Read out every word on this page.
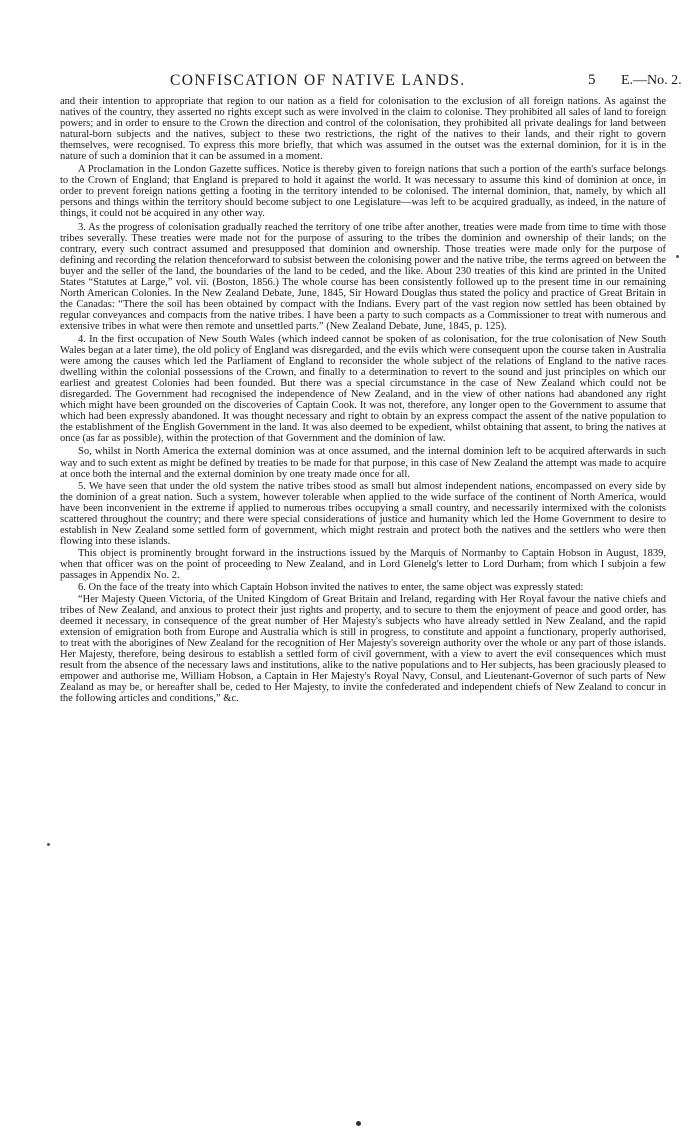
CONFISCATION OF NATIVE LANDS.	5 E.—No. 2.

and their intention to appropriate that region to our nation as a field for colonisation to the exclusion of all foreign nations. As against the natives of the country, they asserted no rights except such as were involved in the claim to colonise. They prohibited all sales of land to foreign powers; and in order to ensure to the Crown the direction and control of the colonisation, they prohibited all private dealings for land between natural-born subjects and the natives, subject to these two restrictions, the right of the natives to their lands, and their right to govern themselves, were recognised. To express this more briefly, that which was assumed in the outset was the external dominion, for it is in the nature of such a dominion that it can be assumed in a moment.

A Proclamation in the London Gazette suffices. Notice is thereby given to foreign nations that such a portion of the earth's surface belongs to the Crown of England; that England is prepared to hold it against the world. It was necessary to assume this kind of dominion at once, in order to prevent foreign nations getting a footing in the territory intended to be colonised. The internal dominion, that, namely, by which all persons and things within the territory should become subject to one Legislature—was left to be acquired gradually, as indeed, in the nature of things, it could not be acquired in any other way.

3. As the progress of colonisation gradually reached the territory of one tribe after another, treaties were made from time to time with those tribes severally. These treaties were made not for the purpose of assuring to the tribes the dominion and ownership of their lands; on the contrary, every such contract assumed and presupposed that dominion and ownership. Those treaties were made only for the purpose of defining and recording the relation thenceforward to subsist between the colonising power and the native tribe, the terms agreed on between the buyer and the seller of the land, the boundaries of the land to be ceded, and the like. About 230 treaties of this kind are printed in the United States “Statutes at Large,” vol. vii. (Boston, 1856.) The whole course has been consistently followed up to the present time in our remaining North American Colonies. In the New Zealand Debate, June, 1845, Sir Howard Douglas thus stated the policy and practice of Great Britain in the Canadas: “There the soil has been obtained by compact with the Indians. Every part of the vast region now settled has been obtained by regular conveyances and compacts from the native tribes. I have been a party to such compacts as a Commissioner to treat with numerous and extensive tribes in what were then remote and unsettled parts.” (New Zealand Debate, June, 1845, p. 125).

4. In the first occupation of New South Wales (which indeed cannot be spoken of as colonisation, for the true colonisation of New South Wales began at a later time), the old policy of England was disregarded, and the evils which were consequent upon the course taken in Australia were among the causes which led the Parliament of England to reconsider the whole subject of the relations of England to the native races dwelling within the colonial possessions of the Crown, and finally to a determination to revert to the sound and just principles on which our earliest and greatest Colonies had been founded. But there was a special circumstance in the case of New Zealand which could not be disregarded. The Government had recognised the independence of New Zealand, and in the view of other nations had abandoned any right which might have been grounded on the discoveries of Captain Cook. It was not, therefore, any longer open to the Government to assume that which had been expressly abandoned. It was thought necessary and right to obtain by an express compact the assent of the native population to the establishment of the English Government in the land. It was also deemed to be expedient, whilst obtaining that assent, to bring the natives at once (as far as possible), within the protection of that Government and the dominion of law.

So, whilst in North America the external dominion was at once assumed, and the internal dominion left to be acquired afterwards in such way and to such extent as might be defined by treaties to be made for that purpose, in this case of New Zealand the attempt was made to acquire at once both the internal and the external dominion by one treaty made once for all.

5. We have seen that under the old system the native tribes stood as small but almost independent nations, encompassed on every side by the dominion of a great nation. Such a system, however tolerable when applied to the wide surface of the continent of North America, would have been inconvenient in the extreme if applied to numerous tribes occupying a small country, and necessarily intermixed with the colonists scattered throughout the country; and there were special considerations of justice and humanity which led the Home Government to desire to establish in New Zealand some settled form of government, which might restrain and protect both the natives and the settlers who were then flowing into these islands.

This object is prominently brought forward in the instructions issued by the Marquis of Normanby to Captain Hobson in August, 1839, when that officer was on the point of proceeding to New Zealand, and in Lord Glenelg's letter to Lord Durham; from which I subjoin a few passages in Appendix No. 2.

6. On the face of the treaty into which Captain Hobson invited the natives to enter, the same object was expressly stated:

“Her Majesty Queen Victoria, of the United Kingdom of Great Britain and Ireland, regarding with Her Royal favour the native chiefs and tribes of New Zealand, and anxious to protect their just rights and property, and to secure to them the enjoyment of peace and good order, has deemed it necessary, in consequence of the great number of Her Majesty's subjects who have already settled in New Zealand, and the rapid extension of emigration both from Europe and Australia which is still in progress, to constitute and appoint a functionary, properly authorised, to treat with the aborigines of New Zealand for the recognition of Her Majesty's sovereign authority over the whole or any part of those islands. Her Majesty, therefore, being desirous to establish a settled form of civil government, with a view to avert the evil consequences which must result from the absence of the necessary laws and institutions, alike to the native populations and to Her subjects, has been graciously pleased to empower and authorise me, William Hobson, a Captain in Her Majesty's Royal Navy, Consul, and Lieutenant-Governor of such parts of New Zealand as may be, or hereafter shall be, ceded to Her Majesty, to invite the confederated and independent chiefs of New Zealand to concur in the following articles and conditions,” &c.
